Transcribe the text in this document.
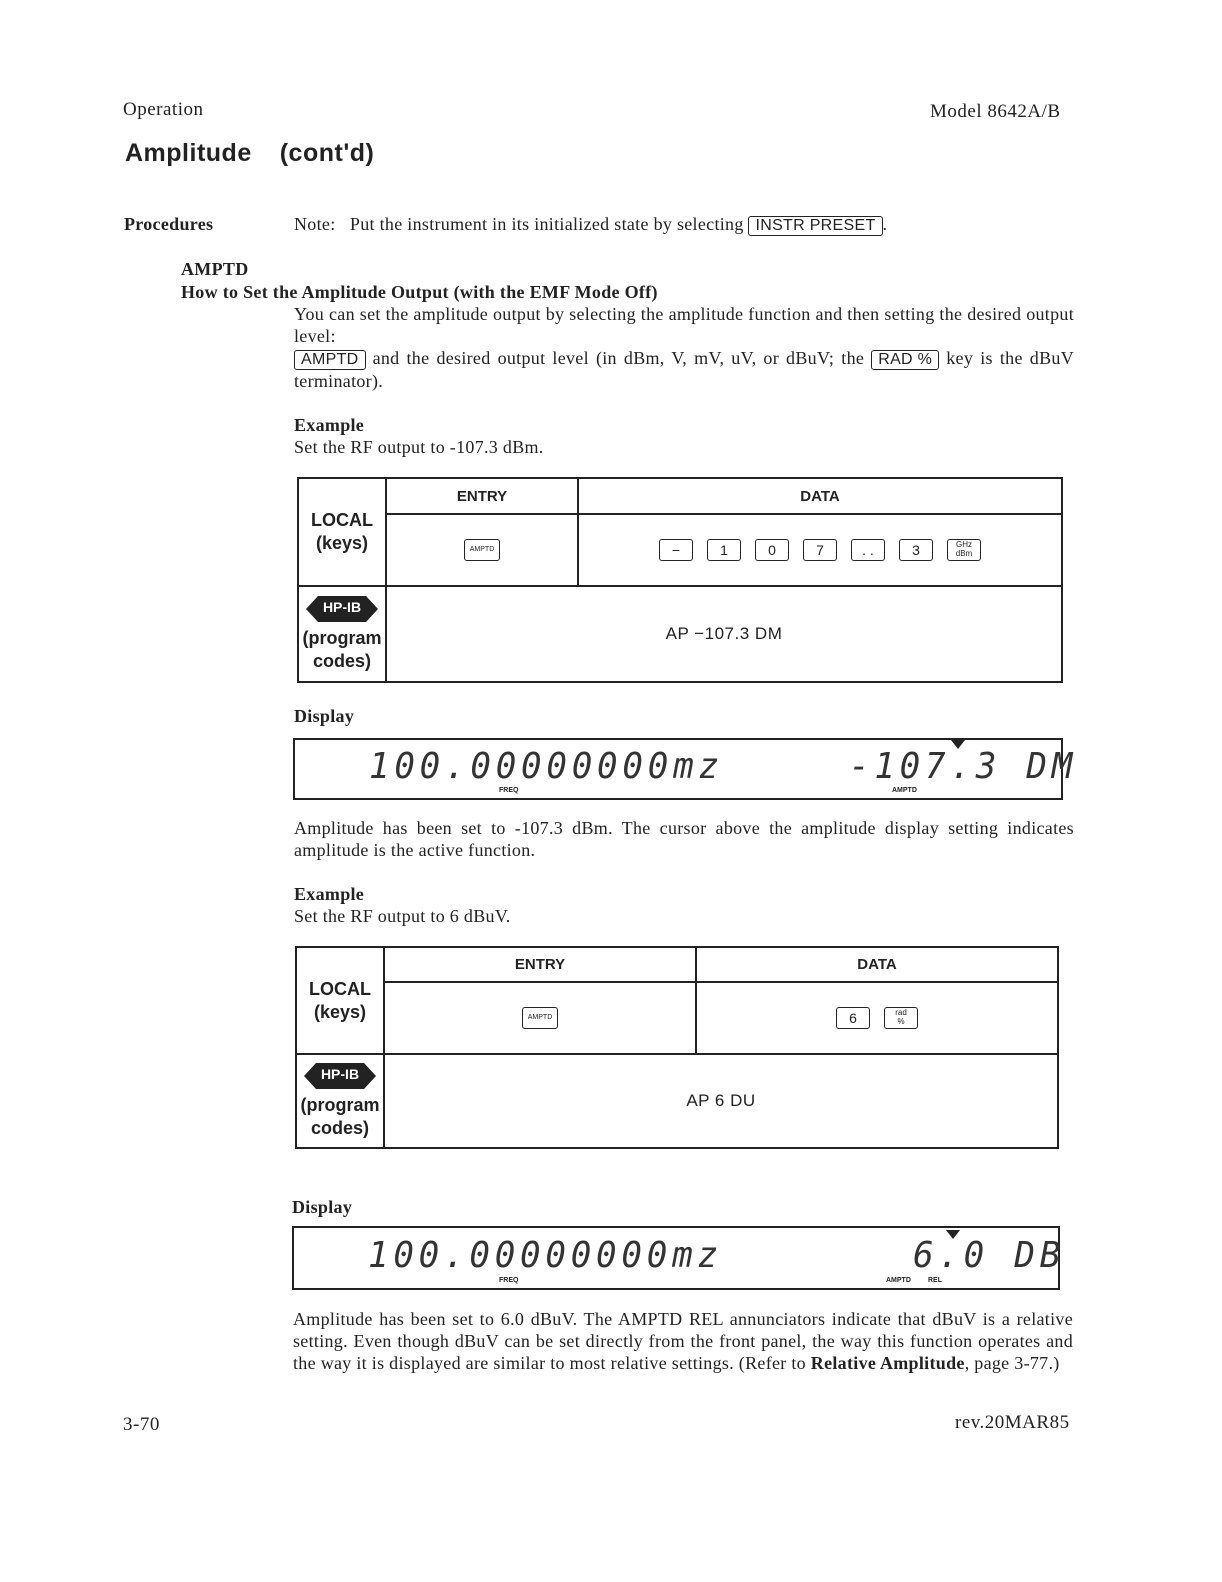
Operation	Model 8642A/B
Amplitude (cont'd)
Procedures	Note: Put the instrument in its initialized state by selecting INSTR PRESET .
AMPTD
How to Set the Amplitude Output (with the EMF Mode Off)
You can set the amplitude output by selecting the amplitude function and then setting the desired output level:
AMPTD and the desired output level (in dBm, V, mV, uV, or dBuV; the RAD % key is the dBuV terminator).
Example
Set the RF output to -107.3 dBm.
LOCAL
(keys)	ENTRY	DATA
	AMPTD	− 1 0 7 . . 3 GHz
dBm

HP-IB
(program
codes)	AP −107.3 DM	
Display
100.00000000mz
FREQ
-107.3 DM
AMPTD
Amplitude has been set to -107.3 dBm. The cursor above the amplitude display setting indicates amplitude is the active function.
Example
Set the RF output to 6 dBuV.
LOCAL
(keys)	ENTRY	DATA
	AMPTD	6 rad
%

HP-IB
(program
codes)	AP 6 DU	
Display
100.00000000mz
FREQ
6.0 DB
AMPTD REL
Amplitude has been set to 6.0 dBuV. The AMPTD REL annunciators indicate that dBuV is a relative setting. Even though dBuV can be set directly from the front panel, the way this function operates and the way it is displayed are similar to most relative settings. (Refer to Relative Amplitude, page 3-77.)
3-70	rev.20MAR85
